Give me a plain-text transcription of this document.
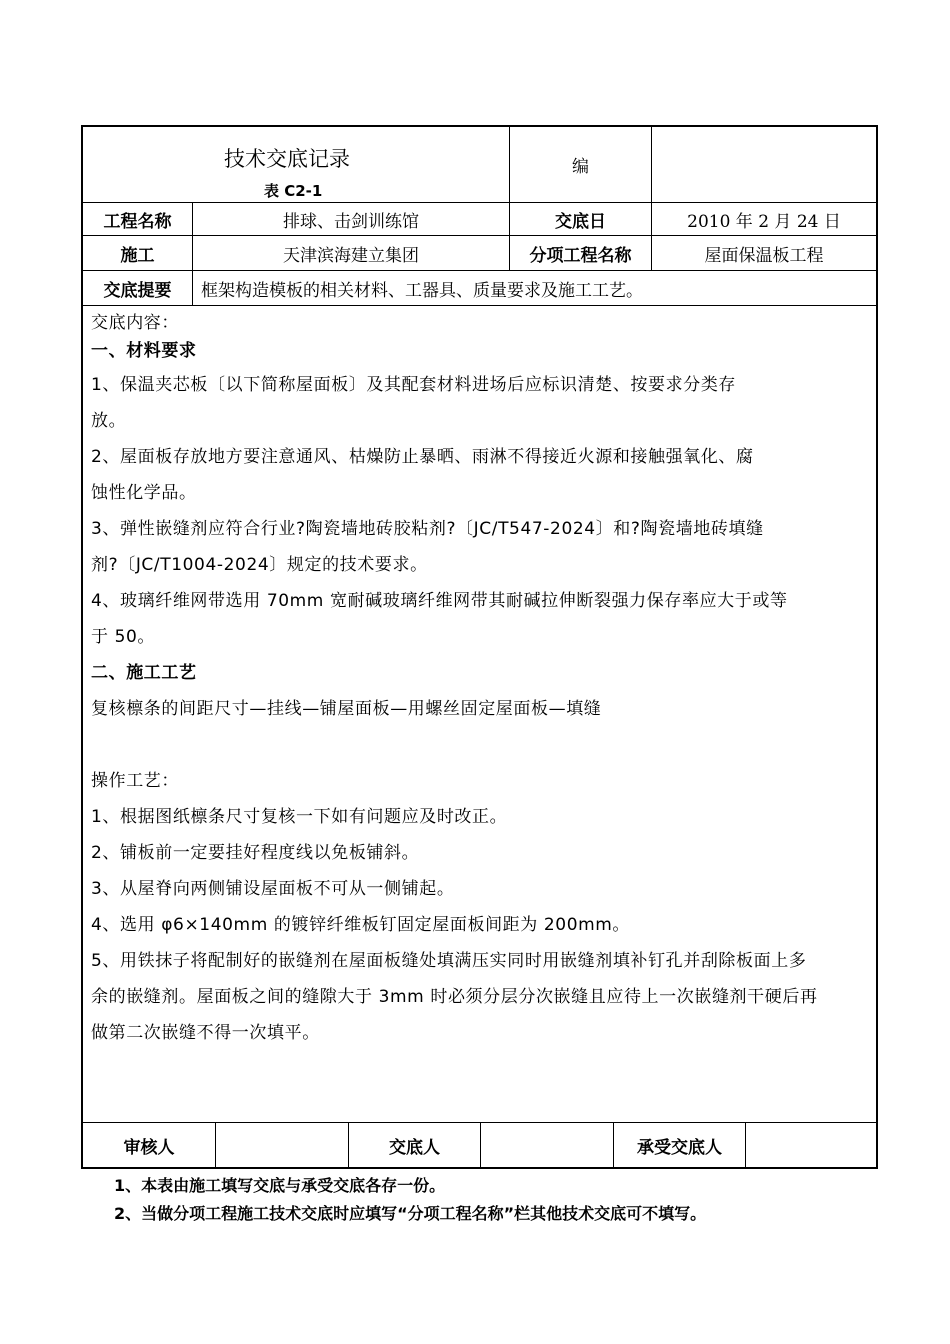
技术交底记录
表 C2-1
编
工程名称	排球、击剑训练馆	交底日	2010 年 2 月 24 日
施工	天津滨海建立集团	分项工程名称	屋面保温板工程
交底提要	框架构造模板的相关材料、工器具、质量要求及施工工艺。
交底内容：
一、材料要求
1、保温夹芯板〔以下简称屋面板〕及其配套材料进场后应标识清楚、按要求分类存
放。
2、屋面板存放地方要注意通风、枯燥防止暴晒、雨淋不得接近火源和接触强氧化、腐
蚀性化学品。
3、弹性嵌缝剂应符合行业?陶瓷墙地砖胶粘剂?〔JC/T547-2024〕和?陶瓷墙地砖填缝
剂?〔JC/T1004-2024〕规定的技术要求。
4、玻璃纤维网带选用 70mm 宽耐碱玻璃纤维网带其耐碱拉伸断裂强力保存率应大于或等
于 50。
二、施工工艺
复核檩条的间距尺寸—挂线—铺屋面板—用螺丝固定屋面板—填缝
操作工艺：
1、根据图纸檩条尺寸复核一下如有问题应及时改正。
2、铺板前一定要挂好程度线以免板铺斜。
3、从屋脊向两侧铺设屋面板不可从一侧铺起。
4、选用 φ6×140mm 的镀锌纤维板钉固定屋面板间距为 200mm。
5、用铁抹子将配制好的嵌缝剂在屋面板缝处填满压实同时用嵌缝剂填补钉孔并刮除板面上多
余的嵌缝剂。屋面板之间的缝隙大于 3mm 时必须分层分次嵌缝且应待上一次嵌缝剂干硬后再
做第二次嵌缝不得一次填平。
审核人	交底人	承受交底人
1、本表由施工填写交底与承受交底各存一份。
2、当做分项工程施工技术交底时应填写“分项工程名称”栏其他技术交底可不填写。
